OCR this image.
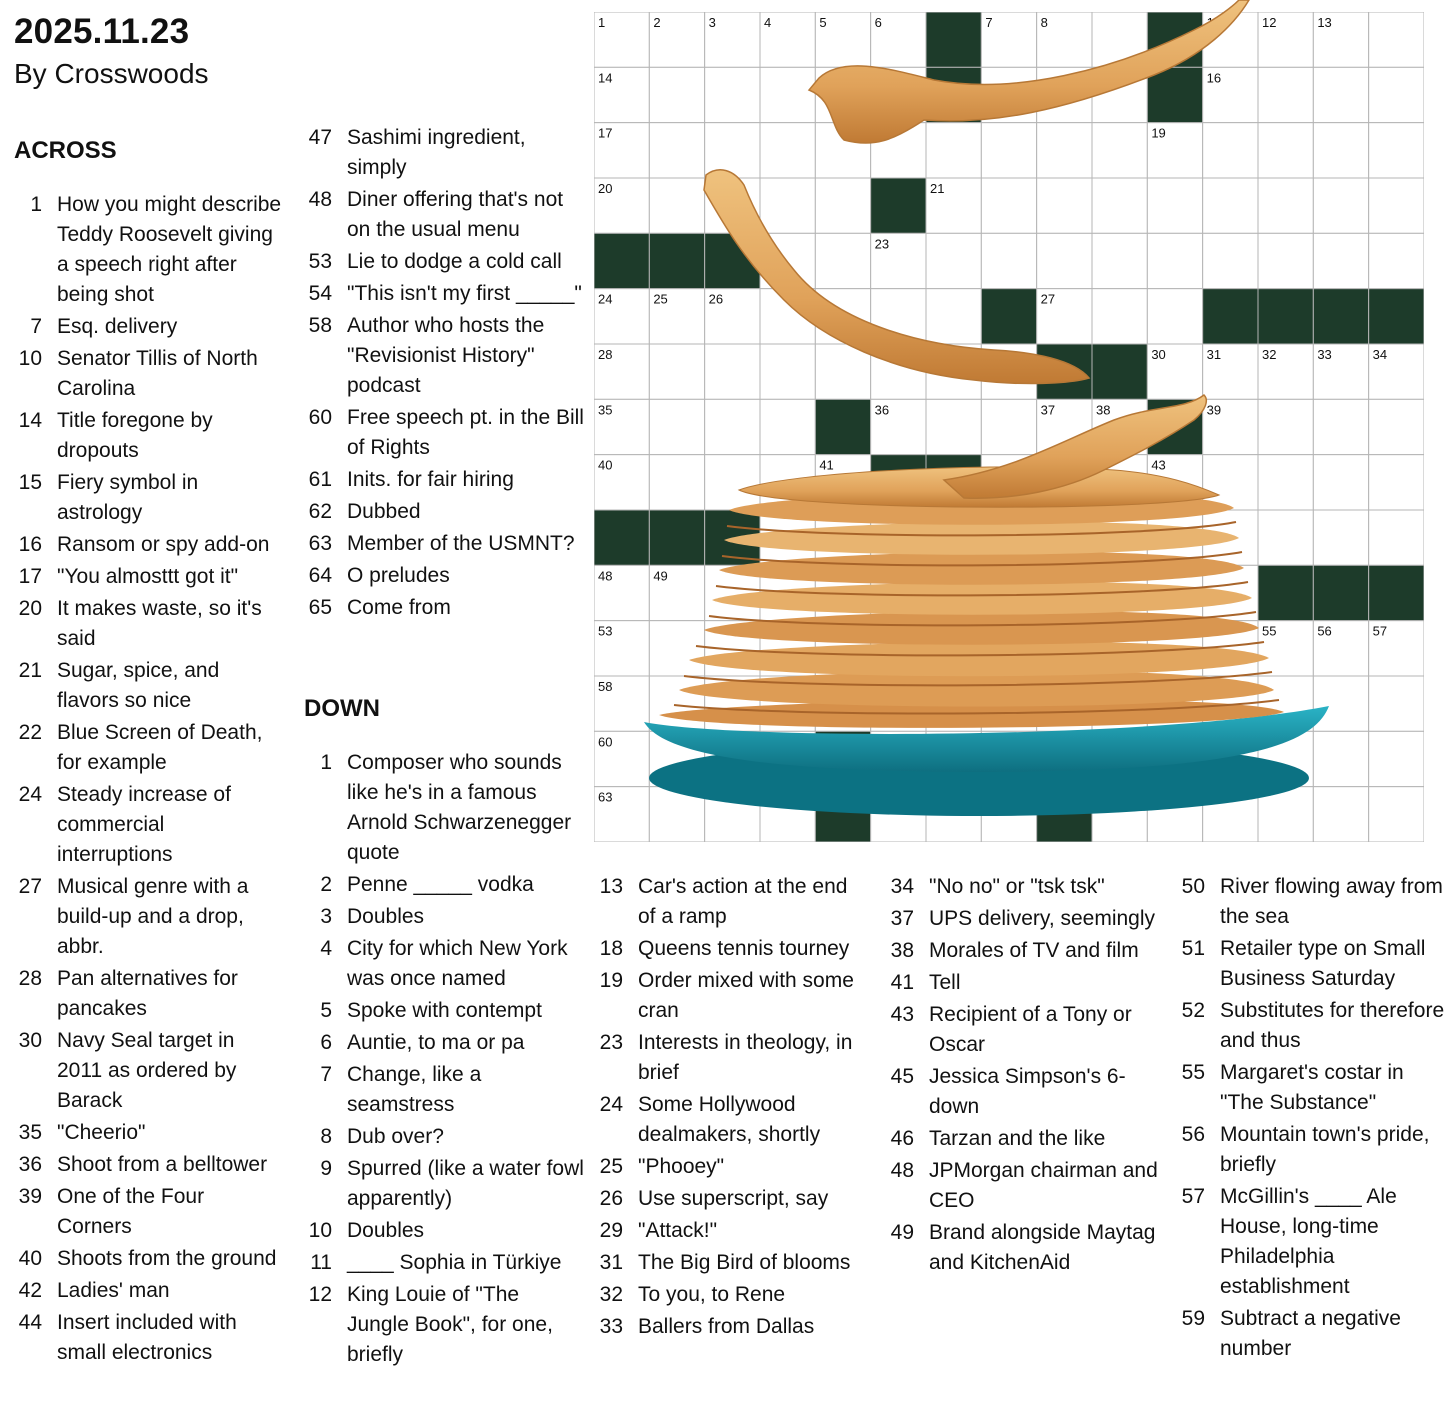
2025.11.23
By Crosswoods
ACROSS
DOWN
1 How you might describe Teddy Roosevelt giving a speech right after being shot
7 Esq. delivery
10 Senator Tillis of North Carolina
14 Title foregone by dropouts
15 Fiery symbol in astrology
16 Ransom or spy add-on
17 "You almosttt got it"
20 It makes waste, so it's said
21 Sugar, spice, and flavors so nice
22 Blue Screen of Death, for example
24 Steady increase of commercial interruptions
27 Musical genre with a build-up and a drop, abbr.
28 Pan alternatives for pancakes
30 Navy Seal target in 2011 as ordered by Barack
35 "Cheerio"
36 Shoot from a belltower
39 One of the Four Corners
40 Shoots from the ground
42 Ladies' man
44 Insert included with small electronics
47 Sashimi ingredient, simply
48 Diner offering that's not on the usual menu
53 Lie to dodge a cold call
54 "This isn't my first _____"
58 Author who hosts the "Revisionist History" podcast
60 Free speech pt. in the Bill of Rights
61 Inits. for fair hiring
62 Dubbed
63 Member of the USMNT?
64 O preludes
65 Come from
1 Composer who sounds like he's in a famous Arnold Schwarzenegger quote
2 Penne _____ vodka
3 Doubles
4 City for which New York was once named
5 Spoke with contempt
6 Auntie, to ma or pa
7 Change, like a seamstress
8 Dub over?
9 Spurred (like a water fowl apparently)
10 Doubles
11 ____ Sophia in Türkiye
12 King Louie of "The Jungle Book", for one, briefly
13 Car's action at the end of a ramp
18 Queens tennis tourney
19 Order mixed with some cran
23 Interests in theology, in brief
24 Some Hollywood dealmakers, shortly
25 "Phooey"
26 Use superscript, say
29 "Attack!"
31 The Big Bird of blooms
32 To you, to Rene
33 Ballers from Dallas
34 "No no" or "tsk tsk"
37 UPS delivery, seemingly
38 Morales of TV and film
41 Tell
43 Recipient of a Tony or Oscar
45 Jessica Simpson's 6-down
46 Tarzan and the like
48 JPMorgan chairman and CEO
49 Brand alongside Maytag and KitchenAid
50 River flowing away from the sea
51 Retailer type on Small Business Saturday
52 Substitutes for therefore and thus
55 Margaret's costar in "The Substance"
56 Mountain town's pride, briefly
57 McGillin's ____ Ale House, long-time Philadelphia establishment
59 Subtract a negative number
1	2	3	4	5	6	7	8	12	13
14	16
17	19
20	21
23
24	25	26	27
28	30	31	32	33	34
35	36	37	38	39
40	41	43
48	49
53	55	56	57
58
60
63
